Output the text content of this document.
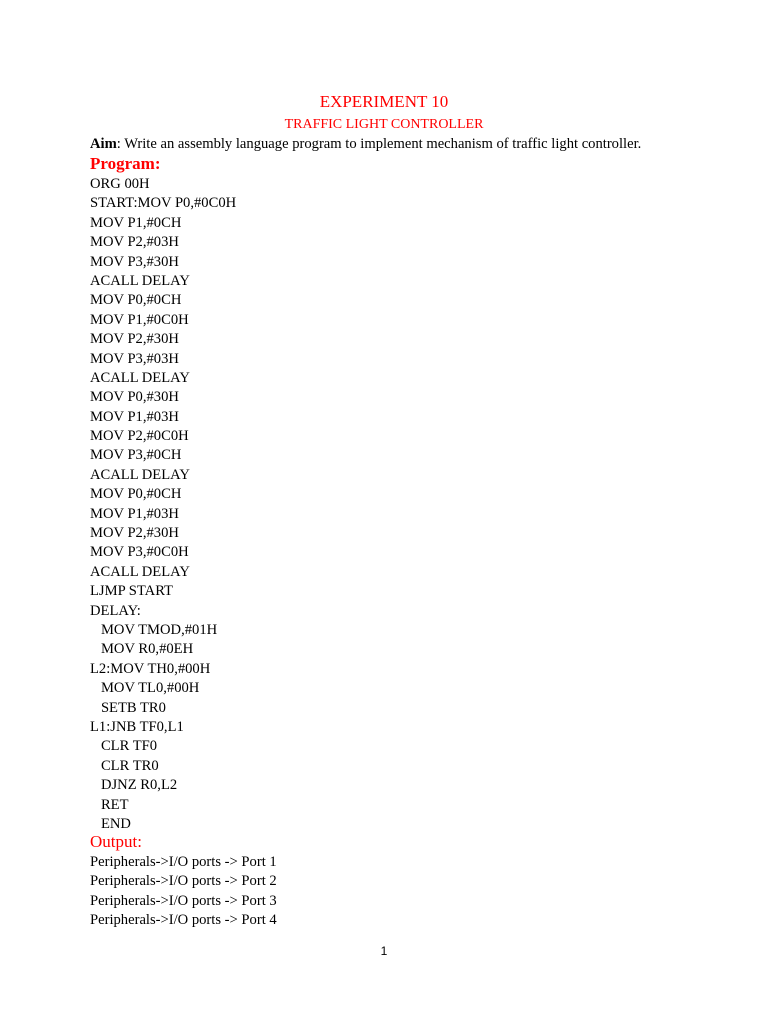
EXPERIMENT 10
TRAFFIC LIGHT CONTROLLER
Aim: Write an assembly language program to implement mechanism of traffic light controller.
Program:
ORG 00H
START:MOV P0,#0C0H
MOV P1,#0CH
MOV P2,#03H
MOV P3,#30H
ACALL DELAY
MOV P0,#0CH
MOV P1,#0C0H
MOV P2,#30H
MOV P3,#03H
ACALL DELAY
MOV P0,#30H
MOV P1,#03H
MOV P2,#0C0H
MOV P3,#0CH
ACALL DELAY
MOV P0,#0CH
MOV P1,#03H
MOV P2,#30H
MOV P3,#0C0H
ACALL DELAY
LJMP START
DELAY:
MOV TMOD,#01H
MOV R0,#0EH
L2:MOV TH0,#00H
MOV TL0,#00H
SETB TR0
L1:JNB TF0,L1
CLR TF0
CLR TR0
DJNZ R0,L2
RET
END
Output:
Peripherals->I/O ports -> Port 1
Peripherals->I/O ports -> Port 2
Peripherals->I/O ports -> Port 3
Peripherals->I/O ports -> Port 4
1
